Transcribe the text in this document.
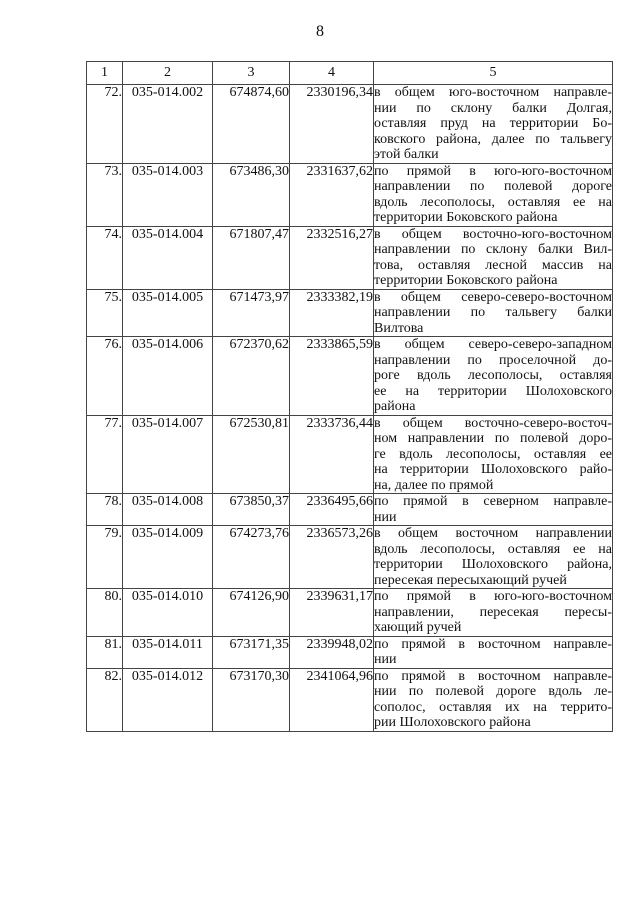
8
1	2	3	4	5
72.	035-014.002	674874,60	2330196,34	в общем юго-восточном направле-
нии по склону балки Долгая,
оставляя пруд на территории Бо-
ковского района, далее по тальвегу
этой балки

73.	035-014.003	673486,30	2331637,62	по прямой в юго-юго-восточном
направлении по полевой дороге
вдоль лесополосы, оставляя ее на
территории Боковского района

74.	035-014.004	671807,47	2332516,27	в общем восточно-юго-восточном
направлении по склону балки Вил-
това, оставляя лесной массив на
территории Боковского района

75.	035-014.005	671473,97	2333382,19	в общем северо-северо-восточном
направлении по тальвегу балки
Вилтова

76.	035-014.006	672370,62	2333865,59	в общем северо-северо-западном
направлении по проселочной до-
роге вдоль лесополосы, оставляя
ее на территории Шолоховского
района

77.	035-014.007	672530,81	2333736,44	в общем восточно-северо-восточ-
ном направлении по полевой доро-
ге вдоль лесополосы, оставляя ее
на территории Шолоховского райо-
на, далее по прямой

78.	035-014.008	673850,37	2336495,66	по прямой в северном направле-
нии

79.	035-014.009	674273,76	2336573,26	в общем восточном направлении
вдоль лесополосы, оставляя ее на
территории Шолоховского района,
пересекая пересыхающий ручей

80.	035-014.010	674126,90	2339631,17	по прямой в юго-юго-восточном
направлении, пересекая пересы-
хающий ручей

81.	035-014.011	673171,35	2339948,02	по прямой в восточном направле-
нии

82.	035-014.012	673170,30	2341064,96	по прямой в восточном направле-
нии по полевой дороге вдоль ле-
сополос, оставляя их на террито-
рии Шолоховского района
